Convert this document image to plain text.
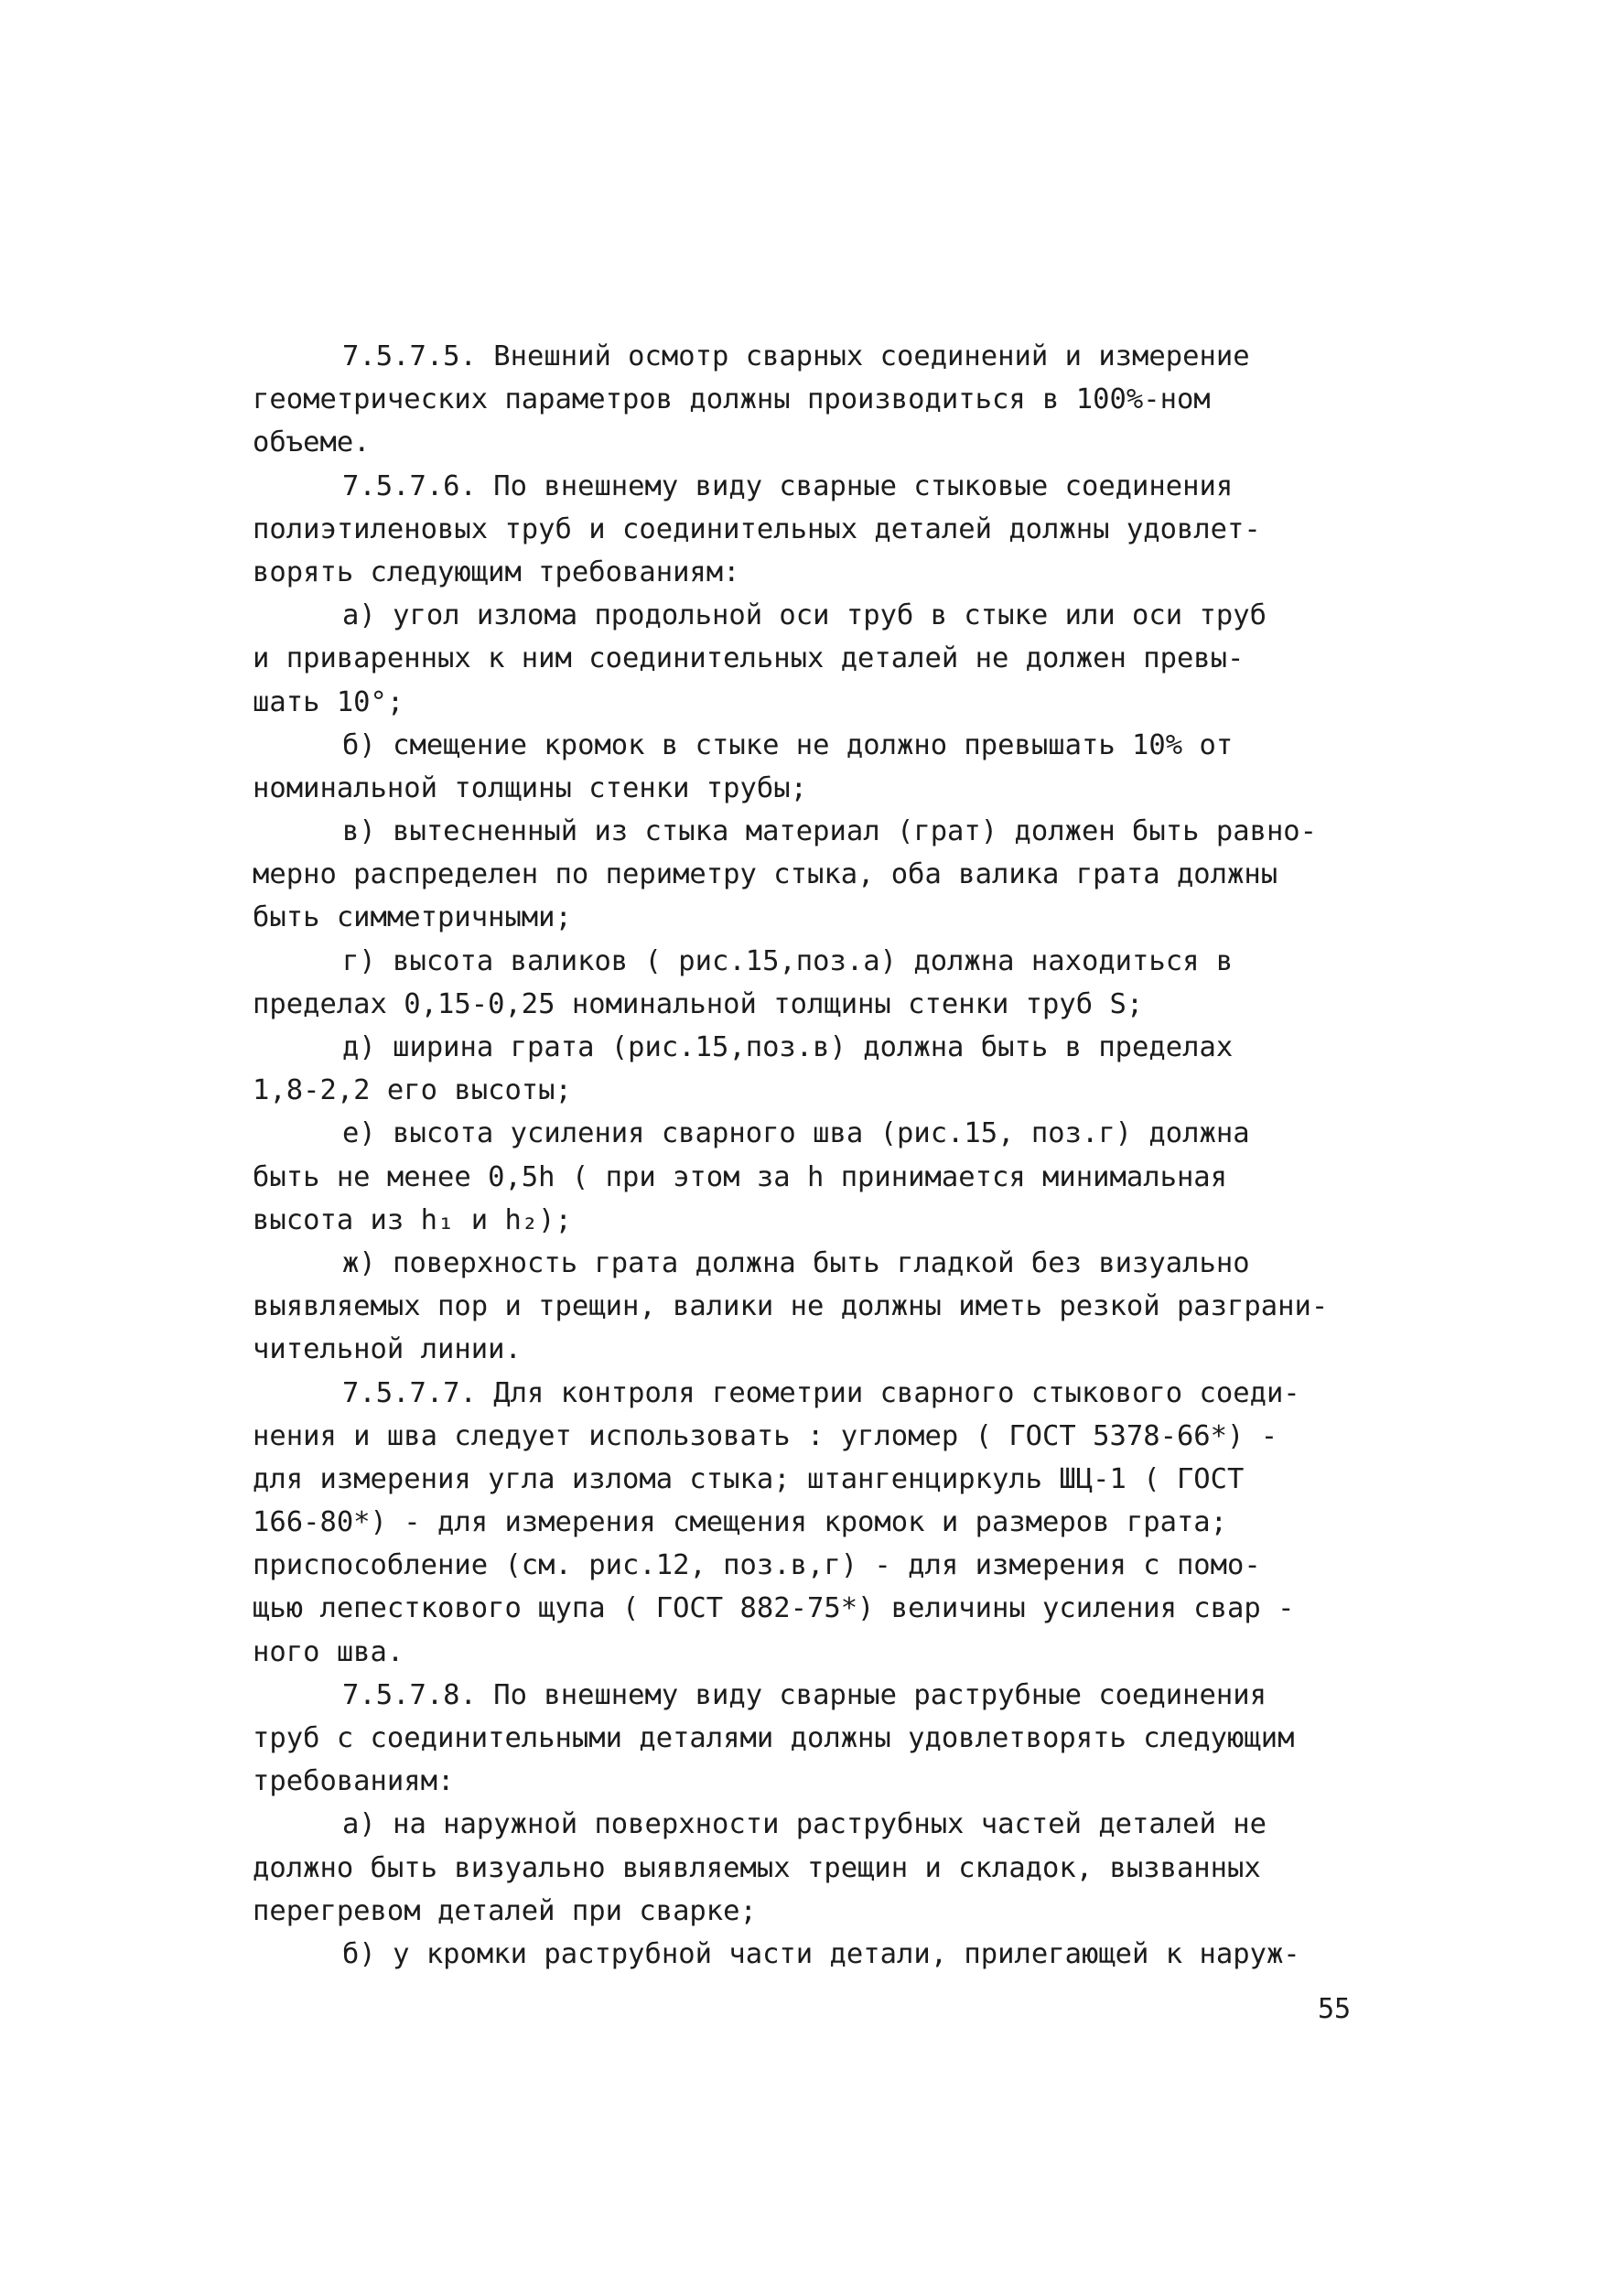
7.5.7.5. Внешний осмотр сварных соединений и измерение
геометрических параметров должны производиться в 100%-ном
объеме.
7.5.7.6. По внешнему виду сварные стыковые соединения
полиэтиленовых труб и соединительных деталей должны удовлет-
ворять следующим требованиям:
а) угол излома продольной оси труб в стыке или оси труб
и приваренных к ним соединительных деталей не должен превы-
шать 10°;
б) смещение кромок в стыке не должно превышать 10% от
номинальной толщины стенки трубы;
в) вытесненный из стыка материал (грат) должен быть равно-
мерно распределен по периметру стыка, оба валика грата должны
быть симметричными;
г) высота валиков ( рис.15,поз.а) должна находиться в
пределах 0,15-0,25 номинальной толщины стенки труб S;
д) ширина грата (рис.15,поз.в) должна быть в пределах
1,8-2,2 его высоты;
е) высота усиления сварного шва (рис.15, поз.г) должна
быть не менее 0,5h ( при этом за h принимается минимальная
высота из h₁ и h₂);
ж) поверхность грата должна быть гладкой без визуально
выявляемых пор и трещин, валики не должны иметь резкой разграни-
чительной линии.
7.5.7.7. Для контроля геометрии сварного стыкового соеди-
нения и шва следует использовать : угломер ( ГОСТ 5378-66*) -
для измерения угла излома стыка; штангенциркуль ШЦ-1 ( ГОСТ
166-80*) - для измерения смещения кромок и размеров грата;
приспособление (см. рис.12, поз.в,г) - для измерения с помо-
щью лепесткового щупа ( ГОСТ 882-75*) величины усиления свар -
ного шва.
7.5.7.8. По внешнему виду сварные раструбные соединения
труб с соединительными деталями должны удовлетворять следующим
требованиям:
а) на наружной поверхности раструбных частей деталей не
должно быть визуально выявляемых трещин и складок, вызванных
перегревом деталей при сварке;
б) у кромки раструбной части детали, прилегающей к наруж-
55
